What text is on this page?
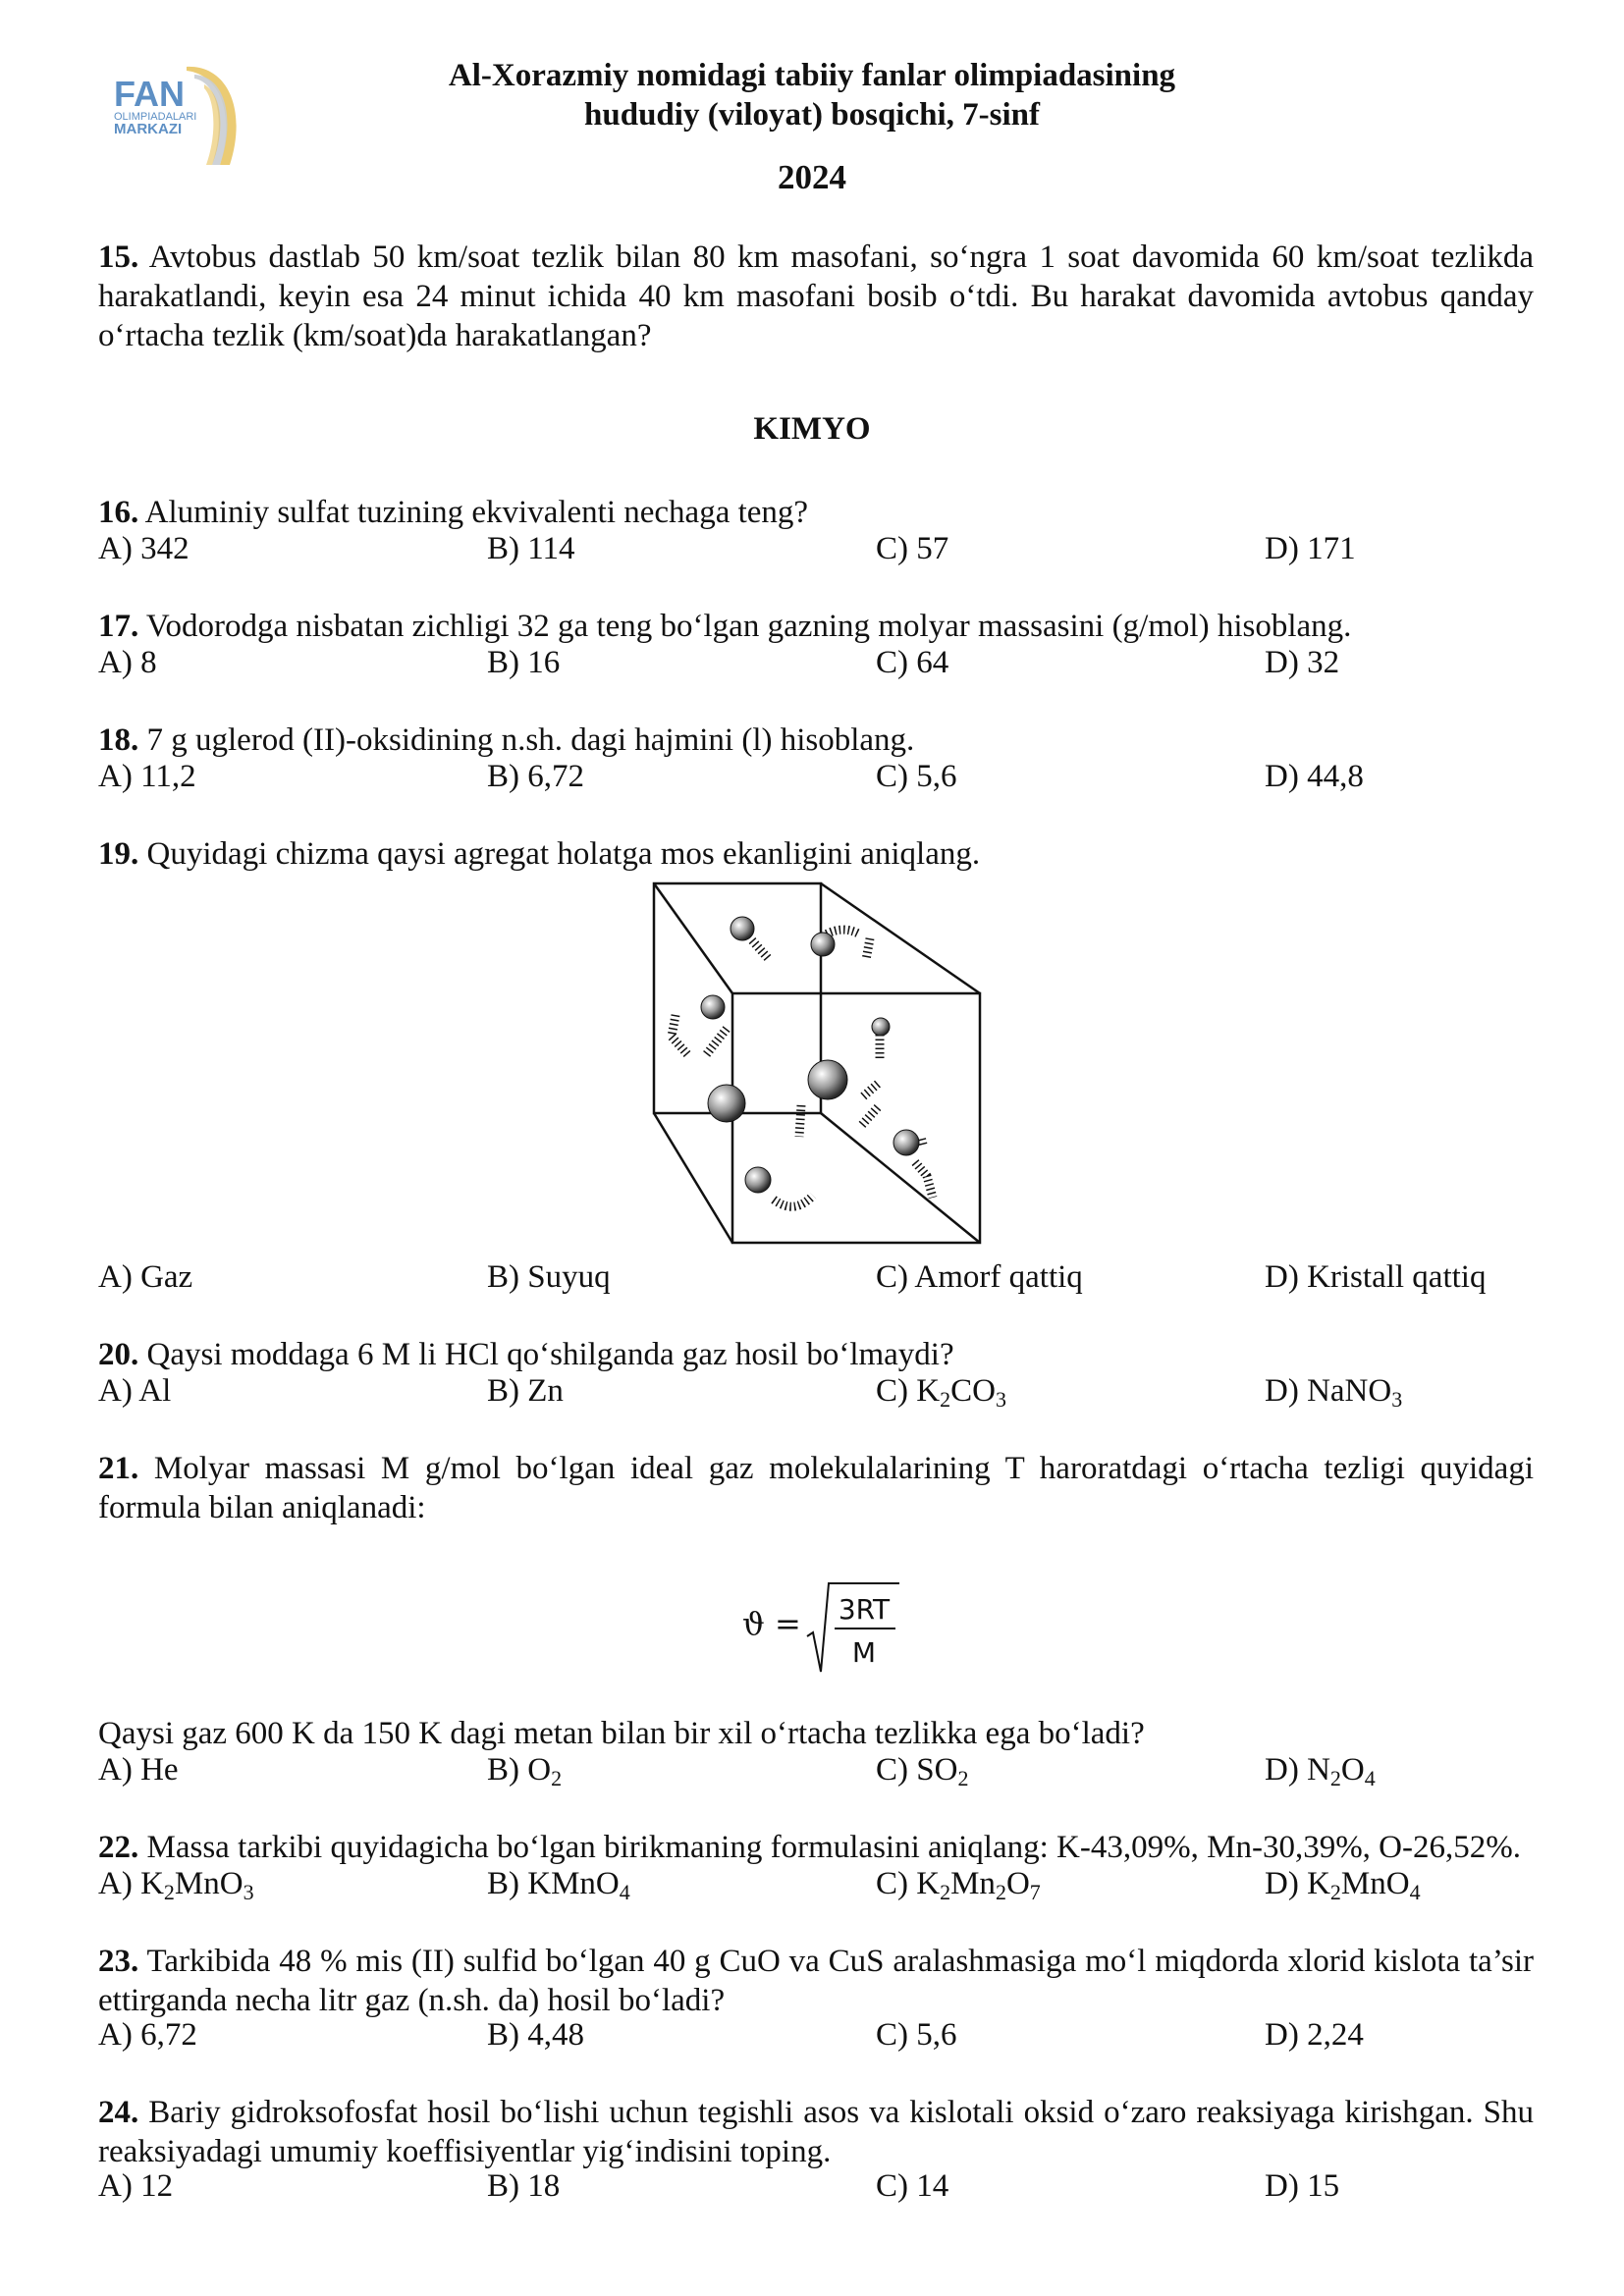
FAN
OLIMPIADALARI
MARKAZI
Al-Xorazmiy nomidagi tabiiy fanlar olimpiadasining
hududiy (viloyat) bosqichi, 7-sinf
2024
15. Avtobus dastlab 50 km/soat tezlik bilan 80 km masofani, so‘ngra 1 soat davomida 60 km/soat tezlikda harakatlandi, keyin esa 24 minut ichida 40 km masofani bosib o‘tdi. Bu harakat davomida avtobus qanday o‘rtacha tezlik (km/soat)da harakatlangan?
KIMYO
16. Aluminiy sulfat tuzining ekvivalenti nechaga teng?
A) 342	B) 114	C) 57	D) 171
17. Vodorodga nisbatan zichligi 32 ga teng bo‘lgan gazning molyar massasini (g/mol) hisoblang.
A) 8	B) 16	C) 64	D) 32
18. 7 g uglerod (II)-oksidining n.sh. dagi hajmini (l) hisoblang.
A) 11,2	B) 6,72	C) 5,6	D) 44,8
19. Quyidagi chizma qaysi agregat holatga mos ekanligini aniqlang.
A) Gaz	B) Suyuq	C) Amorf qattiq	D) Kristall qattiq
20. Qaysi moddaga 6 M li HCl qo‘shilganda gaz hosil bo‘lmaydi?
A) Al	B) Zn	C) $K_2CO_3$	D) NaNO$_3$
21. Molyar massasi M g/mol bo‘lgan ideal gaz molekulalarining T haroratdagi o‘rtacha tezligi quyidagi formula bilan aniqlanadi:
ϑ = 3RT
M
Qaysi gaz 600 K da 150 K dagi metan bilan bir xil o‘rtacha tezlikka ega bo‘ladi?
A) He	B) $O_2$	C) $SO_2$	D) $N_2O_4$
22. Massa tarkibi quyidagicha bo‘lgan birikmaning formulasini aniqlang: K-43,09%, Mn-30,39%, O-26,52%.
A) $K_2MnO_3$	B) KMnO$_4$	C) $K_2Mn_2O_7$	D) $K_2MnO_4$
23. Tarkibida 48 % mis (II) sulfid bo‘lgan 40 g CuO va CuS aralashmasiga mo‘l miqdorda xlorid kislota ta’sir ettirganda necha litr gaz (n.sh. da) hosil bo‘ladi?
A) 6,72	B) 4,48	C) 5,6	D) 2,24
24. Bariy gidroksofosfat hosil bo‘lishi uchun tegishli asos va kislotali oksid o‘zaro reaksiyaga kirishgan. Shu reaksiyadagi umumiy koeffisiyentlar yig‘indisini toping.
A) 12	B) 18	C) 14	D) 15
